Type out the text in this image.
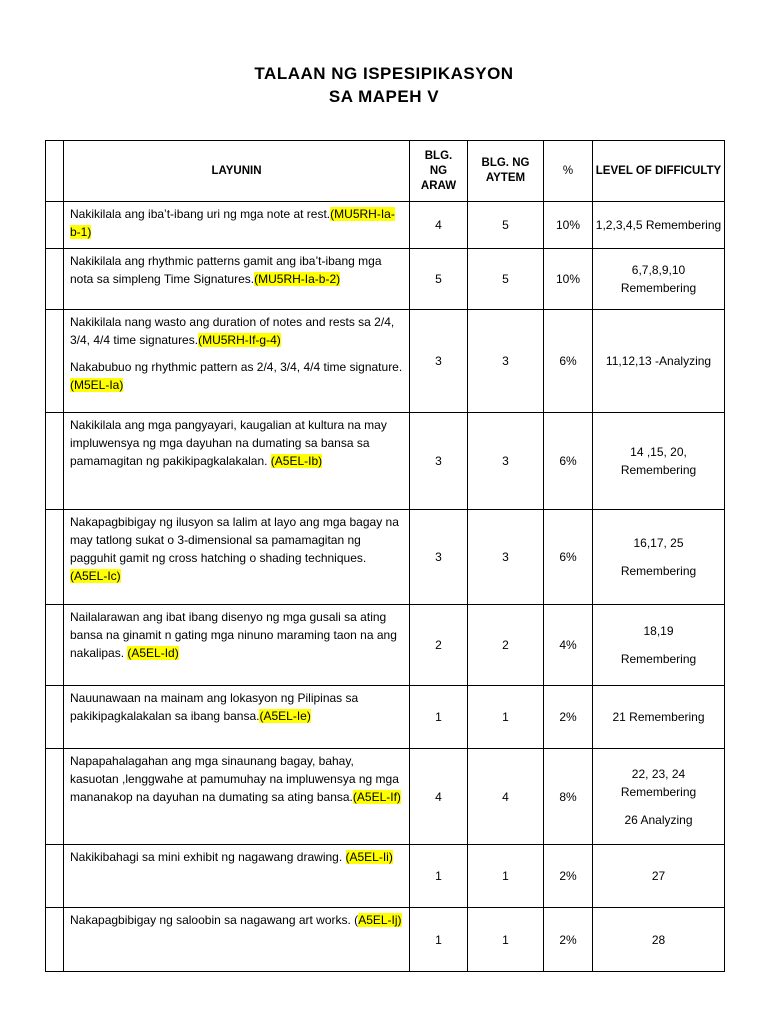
TALAAN NG ISPESIPIKASYON
SA MAPEH V
	LAYUNIN	BLG. NG ARAW	BLG. NG AYTEM	%	LEVEL OF DIFFICULTY

	Nakikilala ang iba’t-ibang uri ng mga note at rest.(MU5RH-Ia-b-1)	4	5	10%	1,2,3,4,5 Remembering

	Nakikilala ang rhythmic patterns gamit ang iba’t-ibang mga nota sa simpleng Time Signatures.(MU5RH-Ia-b-2)	5	5	10%	6,7,8,9,10 Remembering

	Nakikilala nang wasto ang duration of notes and rests sa 2/4, 3/4, 4/4 time signatures.(MU5RH-If-g-4)
Nakabubuo ng rhythmic pattern as 2/4, 3/4, 4/4 time signature.(M5EL-Ia)	3	3	6%	11,12,13 -Analyzing

	Nakikilala ang mga pangyayari, kaugalian at kultura na may impluwensya ng mga dayuhan na dumating sa bansa sa pamamagitan ng pakikipagkalakalan. (A5EL-Ib)	3	3	6%	14 ,15, 20,
Remembering

	Nakapagbibigay ng ilusyon sa lalim at layo ang mga bagay na may tatlong sukat o 3-dimensional sa pamamagitan ng pagguhit gamit ng cross hatching o shading techniques. (A5EL-Ic)	3	3	6%	16,17, 25
Remembering

	Nailalarawan ang ibat ibang disenyo ng mga gusali sa ating bansa na ginamit n gating mga ninuno maraming taon na ang nakalipas. (A5EL-Id)	2	2	4%	18,19
Remembering

	Nauunawaan na mainam ang lokasyon ng Pilipinas sa pakikipagkalakalan sa ibang bansa.(A5EL-Ie)	1	1	2%	21 Remembering

	Napapahalagahan ang mga sinaunang bagay, bahay, kasuotan ,lenggwahe at pamumuhay na impluwensya ng mga mananakop na dayuhan na dumating sa ating bansa.(A5EL-If)	4	4	8%	22, 23, 24 Remembering
26 Analyzing

	Nakikibahagi sa mini exhibit ng nagawang drawing. (A5EL-Ii)	1	1	2%	27

	Nakapagbibigay ng saloobin sa nagawang art works. (A5EL-Ij)	1	1	2%	28
